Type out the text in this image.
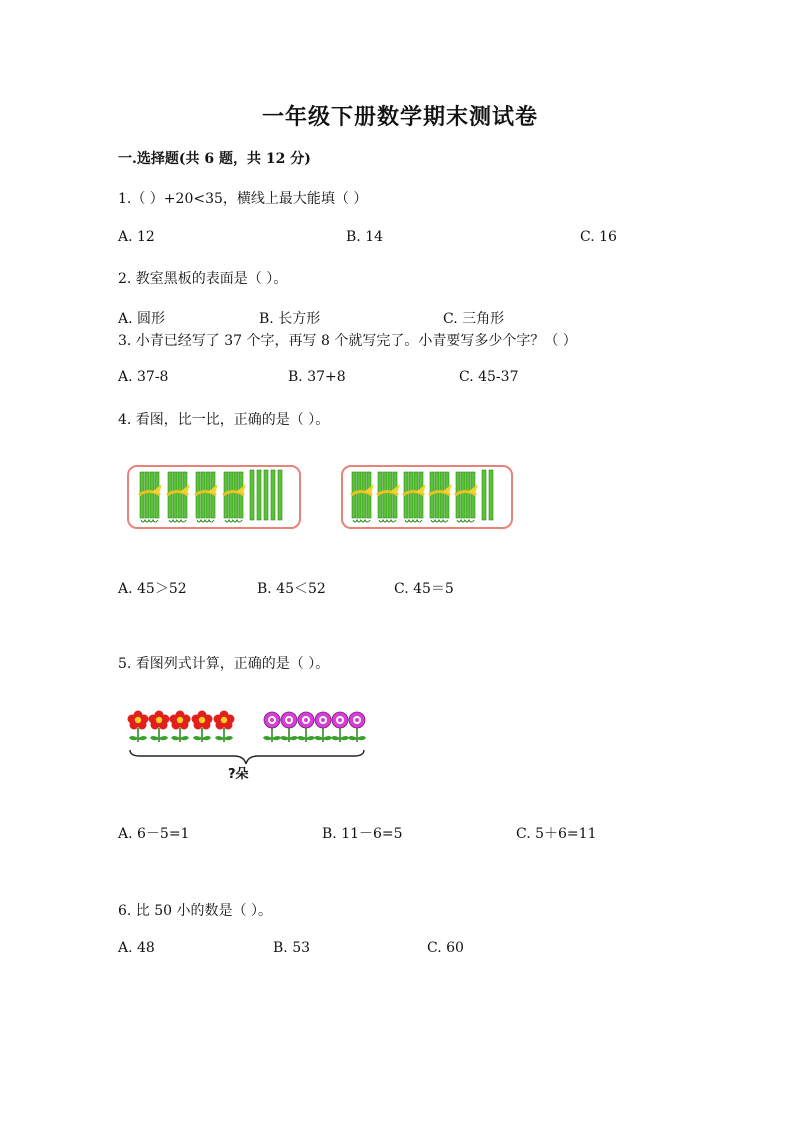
一年级下册数学期末测试卷
一.选择题(共 6 题，共 12 分)
1.（ ）+20<35，横线上最大能填（ ）
A. 12	B. 14	C. 16
2. 教室黑板的表面是（ ）。
A. 圆形	B. 长方形	C. 三角形
3. 小青已经写了 37 个字，再写 8 个就写完了。小青要写多少个字？（ ）
A. 37-8	B. 37+8	C. 45-37
4. 看图，比一比，正确的是（ ）。
A. 45＞52	B. 45＜52	C. 45＝5
5. 看图列式计算，正确的是（ ）。
?朵
A. 6－5=1	B. 11－6=5	C. 5＋6=11
6. 比 50 小的数是（ ）。
A. 48	B. 53	C. 60
